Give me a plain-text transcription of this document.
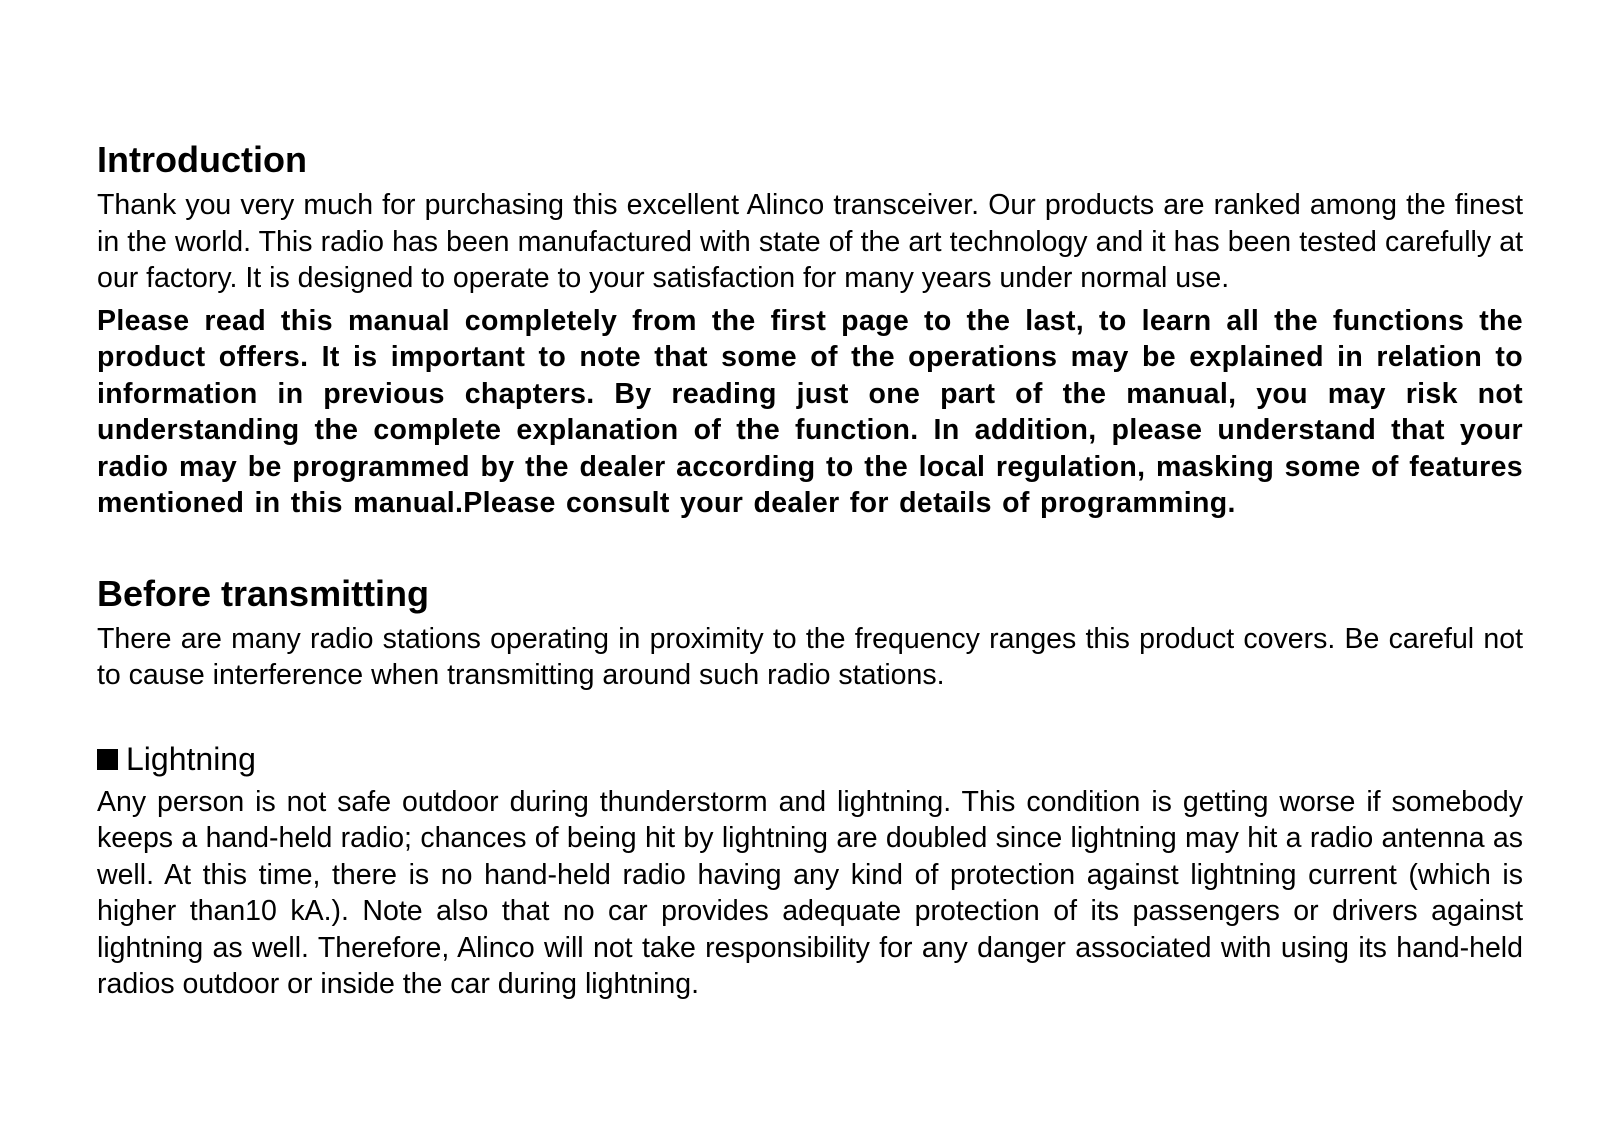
Introduction

Thank you very much for purchasing this excellent Alinco transceiver. Our products are ranked among the finest in the world. This radio has been manufactured with state of the art technology and it has been tested carefully at our factory. It is designed to operate to your satisfaction for many years under normal use.

Please read this manual completely from the first page to the last, to learn all the functions the product offers. It is important to note that some of the operations may be explained in relation to information in previous chapters. By reading just one part of the manual, you may risk not understanding the complete explanation of the function. In addition, please understand that your radio may be programmed by the dealer according to the local regulation, masking some of features mentioned in this manual.Please consult your dealer for details of programming.

Before transmitting

There are many radio stations operating in proximity to the frequency ranges this product covers. Be careful not to cause interference when transmitting around such radio stations.

Lightning

Any person is not safe outdoor during thunderstorm and lightning. This condition is getting worse if somebody keeps a hand-held radio; chances of being hit by lightning are doubled since lightning may hit a radio antenna as well. At this time, there is no hand-held radio having any kind of protection against lightning current (which is higher than10 kA.). Note also that no car provides adequate protection of its passengers or drivers against lightning as well. Therefore, Alinco will not take responsibility for any danger associated with using its hand-held radios outdoor or inside the car during lightning.
